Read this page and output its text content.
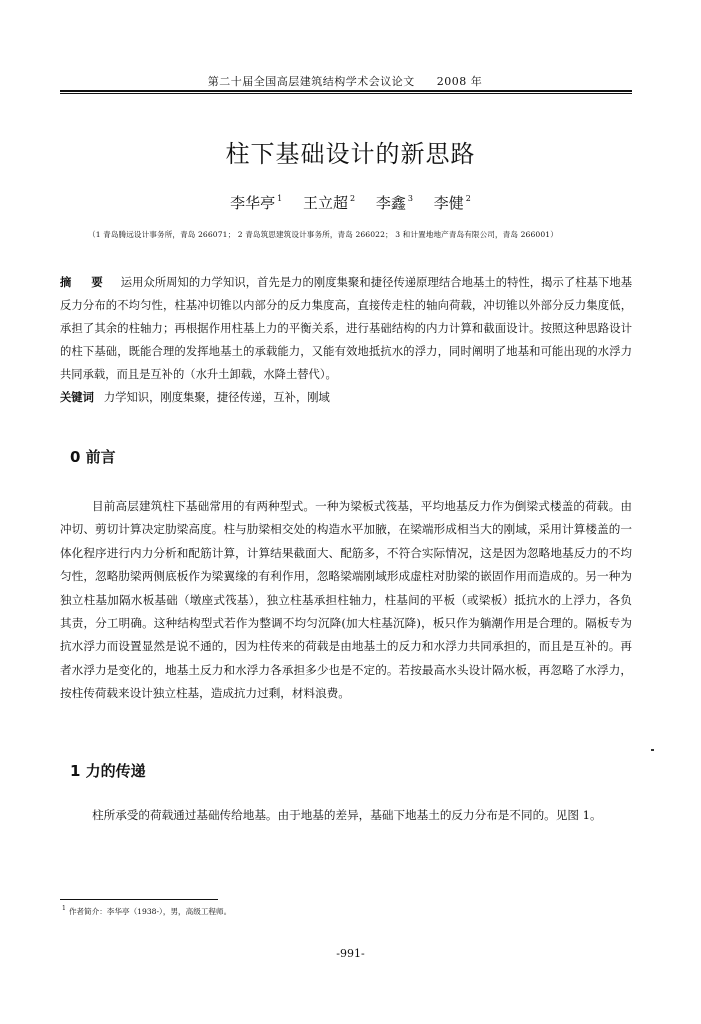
第二十届全国高层建筑结构学术会议论文 2008 年
柱下基础设计的新思路
李华亭 $^1$ 王立超 $^2$ 李鑫 $^3$ 李健 $^2$
（1 青岛腾远设计事务所，青岛 266071； 2 青岛筑思建筑设计事务所，青岛 266022； 3 和计置地地产青岛有限公司，青岛 266001）
摘 要 运用众所周知的力学知识，首先是力的刚度集聚和捷径传递原理结合地基土的特性，揭示了柱基下地基反力分布的不均匀性，柱基冲切锥以内部分的反力集度高，直接传走柱的轴向荷载，冲切锥以外部分反力集度低，承担了其余的柱轴力；再根据作用柱基上力的平衡关系，进行基础结构的内力计算和截面设计。按照这种思路设计的柱下基础，既能合理的发挥地基土的承载能力，又能有效地抵抗水的浮力，同时阐明了地基和可能出现的水浮力共同承载，而且是互补的（水升土卸载，水降土替代）。
关键词 力学知识，刚度集聚，捷径传递，互补，刚域
0 前言
目前高层建筑柱下基础常用的有两种型式。一种为梁板式筏基，平均地基反力作为倒梁式楼盖的荷载。由冲切、剪切计算决定肋梁高度。柱与肋梁相交处的构造水平加腋，在梁端形成相当大的刚域，采用计算楼盖的一体化程序进行内力分析和配筋计算，计算结果截面大、配筋多，不符合实际情况，这是因为忽略地基反力的不均匀性，忽略肋梁两侧底板作为梁翼缘的有利作用，忽略梁端刚域形成虚柱对肋梁的嵌固作用而造成的。另一种为独立柱基加隔水板基础（墩座式筏基），独立柱基承担柱轴力，柱基间的平板（或梁板）抵抗水的上浮力，各负其责，分工明确。这种结构型式若作为整调不均匀沉降(加大柱基沉降)，板只作为躺潮作用是合理的。隔板专为抗水浮力而设置显然是说不通的，因为柱传来的荷载是由地基土的反力和水浮力共同承担的，而且是互补的。再者水浮力是变化的，地基土反力和水浮力各承担多少也是不定的。若按最高水头设计隔水板，再忽略了水浮力，按柱传荷载来设计独立柱基，造成抗力过剩，材料浪费。
1 力的传递
柱所承受的荷载通过基础传给地基。由于地基的差异，基础下地基土的反力分布是不同的。见图 1。
$^1$ 作者简介：李华亭（1938-），男，高级工程师。
-991-
